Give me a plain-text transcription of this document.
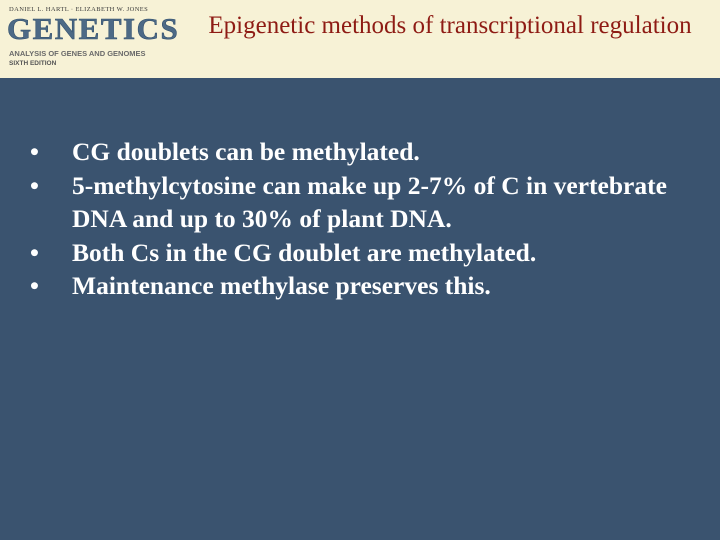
DANIEL L. HARTL · ELIZABETH W. JONES
GENETICS
ANALYSIS OF GENES AND GENOMES
SIXTH EDITION
Epigenetic methods of transcriptional regulation
•	CG doublets can be methylated.
•	5-methylcytosine can make up 2-7% of C in vertebrate DNA and up to 30% of plant DNA.
•	Both Cs in the CG doublet are methylated.
•	Maintenance methylase preserves this.
